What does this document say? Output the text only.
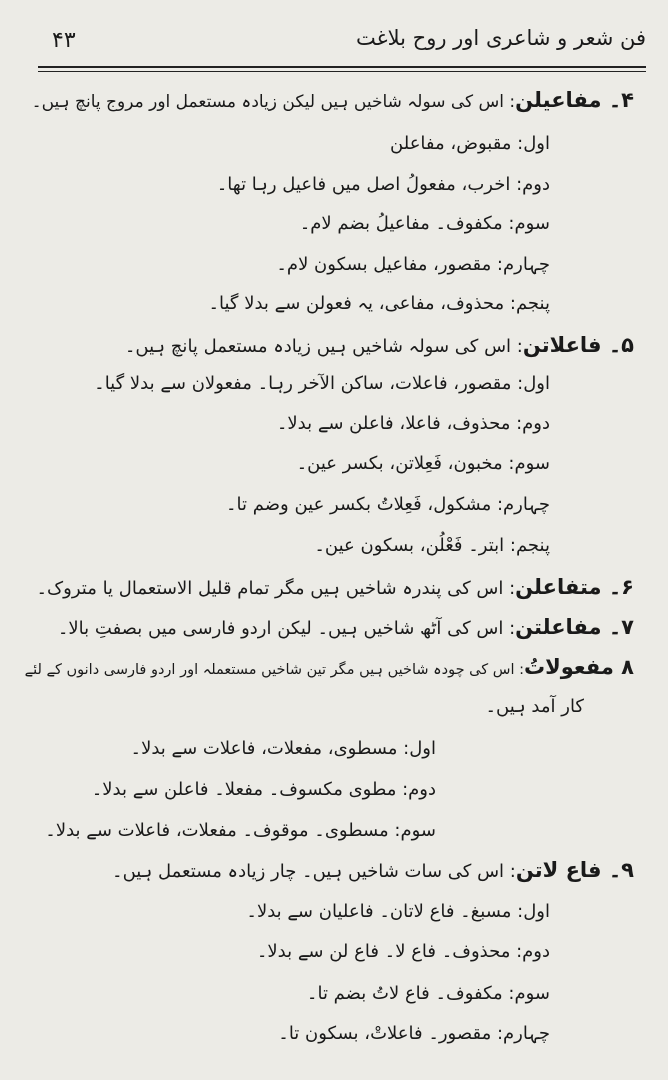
فن شعر و شاعری اور روح بلاغت
۴۳
۴۔ مفاعیلن: اس کی سولہ شاخیں ہیں لیکن زیادہ مستعمل اور مروج پانچ ہیں۔
اول: مقبوض، مفاعلن
دوم: اخرب، مفعولُ اصل میں فاعیل رہا تھا۔
سوم: مکفوف۔ مفاعیلُ بضم لام۔
چہارم: مقصور، مفاعیل بسکون لام۔
پنجم: محذوف، مفاعی، یہ فعولن سے بدلا گیا۔
۵۔ فاعلاتن: اس کی سولہ شاخیں ہیں زیادہ مستعمل پانچ ہیں۔
اول: مقصور، فاعلات، ساکن الآخر رہا۔ مفعولان سے بدلا گیا۔
دوم: محذوف، فاعلا، فاعلن سے بدلا۔
سوم: مخبون، فَعِلاتن، بکسر عین۔
چہارم: مشکول، فَعِلاتُ بکسر عین وضم تا۔
پنجم: ابتر۔ فَعْلُن، بسکون عین۔
۶۔ متفاعلن: اس کی پندرہ شاخیں ہیں مگر تمام قلیل الاستعمال یا متروک۔
۷۔ مفاعلتن: اس کی آٹھ شاخیں ہیں۔ لیکن اردو فارسی میں بصفتِ بالا۔
۸ مفعولاتُ: اس کی چودہ شاخیں ہیں مگر تین شاخیں مستعملہ اور اردو فارسی دانوں کے لئے
کار آمد ہیں۔
اول: مسطوی، مفعلات، فاعلات سے بدلا۔
دوم: مطوی مکسوف۔ مفعلا۔ فاعلن سے بدلا۔
سوم: مسطوی۔ موقوف۔ مفعلات، فاعلات سے بدلا۔
۹۔ فاع لاتن: اس کی سات شاخیں ہیں۔ چار زیادہ مستعمل ہیں۔
اول: مسبغ۔ فاع لاتان۔ فاعلیان سے بدلا۔
دوم: محذوف۔ فاع لا۔ فاع لن سے بدلا۔
سوم: مکفوف۔ فاع لاتُ بضم تا۔
چہارم: مقصور۔ فاعلاتْ، بسکون تا۔
